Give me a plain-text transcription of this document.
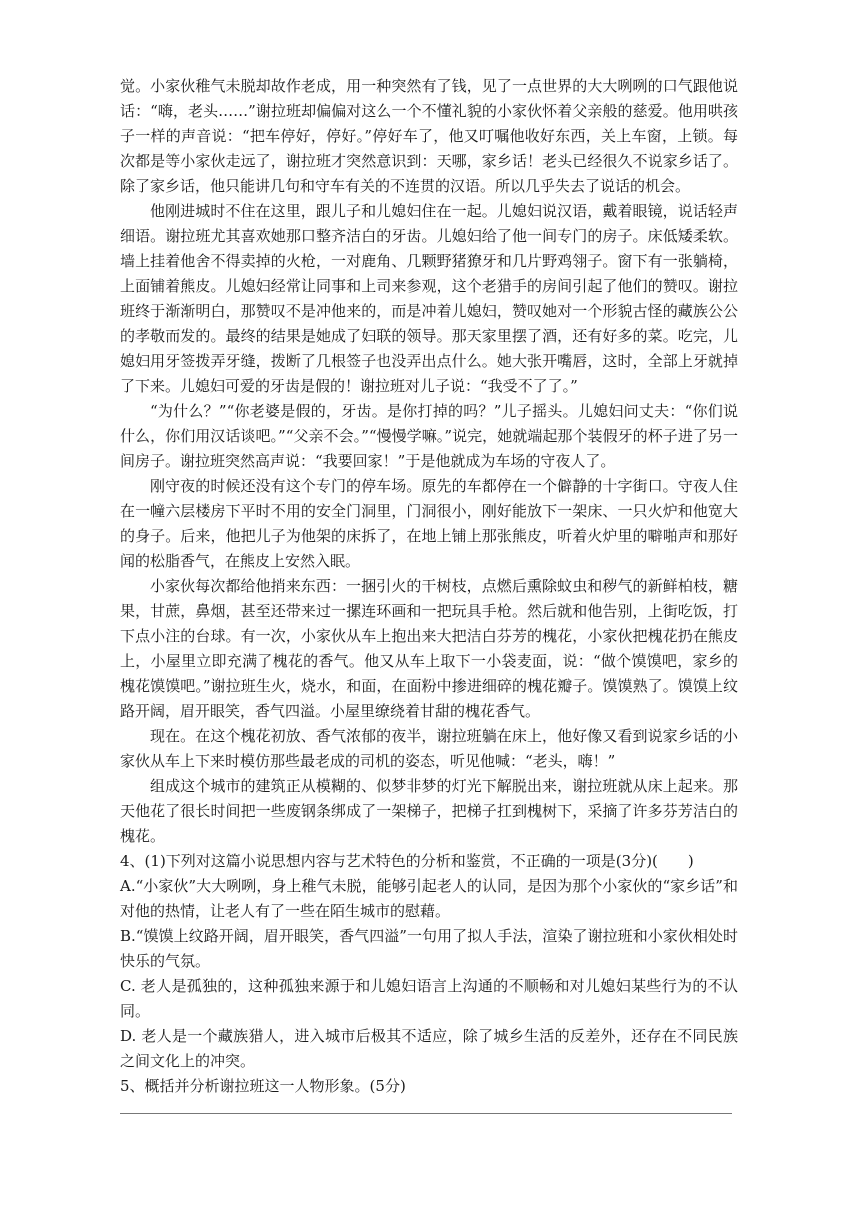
觉。小家伙稚气未脱却故作老成，用一种突然有了钱，见了一点世界的大大咧咧的口气跟他说话：“嗨，老头……”谢拉班却偏偏对这么一个不懂礼貌的小家伙怀着父亲般的慈爱。他用哄孩子一样的声音说：“把车停好，停好。”停好车了，他又叮嘱他收好东西，关上车窗，上锁。每次都是等小家伙走远了，谢拉班才突然意识到：天哪，家乡话！老头已经很久不说家乡话了。除了家乡话，他只能讲几句和守车有关的不连贯的汉语。所以几乎失去了说话的机会。

他刚进城时不住在这里，跟儿子和儿媳妇住在一起。儿媳妇说汉语，戴着眼镜，说话轻声细语。谢拉班尤其喜欢她那口整齐洁白的牙齿。儿媳妇给了他一间专门的房子。床低矮柔软。墙上挂着他舍不得卖掉的火枪，一对鹿角、几颗野猪獠牙和几片野鸡翎子。窗下有一张躺椅，上面铺着熊皮。儿媳妇经常让同事和上司来参观，这个老猎手的房间引起了他们的赞叹。谢拉班终于渐渐明白，那赞叹不是冲他来的，而是冲着儿媳妇，赞叹她对一个形貌古怪的藏族公公的孝敬而发的。最终的结果是她成了妇联的领导。那天家里摆了酒，还有好多的菜。吃完，儿媳妇用牙签拨弄牙缝，拨断了几根签子也没弄出点什么。她大张开嘴唇，这时，全部上牙就掉了下来。儿媳妇可爱的牙齿是假的！谢拉班对儿子说：“我受不了了。”

“为什么？”“你老婆是假的，牙齿。是你打掉的吗？”儿子摇头。儿媳妇问丈夫：“你们说什么，你们用汉话谈吧。”“父亲不会。”“慢慢学嘛。”说完，她就端起那个装假牙的杯子进了另一间房子。谢拉班突然高声说：“我要回家！”于是他就成为车场的守夜人了。

刚守夜的时候还没有这个专门的停车场。原先的车都停在一个僻静的十字街口。守夜人住在一幢六层楼房下平时不用的安全门洞里，门洞很小，刚好能放下一架床、一只火炉和他宽大的身子。后来，他把儿子为他架的床拆了，在地上铺上那张熊皮，听着火炉里的噼啪声和那好闻的松脂香气，在熊皮上安然入眠。

小家伙每次都给他捎来东西：一捆引火的干树枝，点燃后熏除蚊虫和秽气的新鲜柏枝，糖果，甘蔗，鼻烟，甚至还带来过一摞连环画和一把玩具手枪。然后就和他告别，上街吃饭，打下点小注的台球。有一次，小家伙从车上抱出来大把洁白芬芳的槐花，小家伙把槐花扔在熊皮上，小屋里立即充满了槐花的香气。他又从车上取下一小袋麦面，说：“做个馍馍吧，家乡的槐花馍馍吧。”谢拉班生火，烧水，和面，在面粉中掺进细碎的槐花瓣子。馍馍熟了。馍馍上纹路开阔，眉开眼笑，香气四溢。小屋里缭绕着甘甜的槐花香气。

现在。在这个槐花初放、香气浓郁的夜半，谢拉班躺在床上，他好像又看到说家乡话的小家伙从车上下来时模仿那些最老成的司机的姿态，听见他喊：“老头，嗨！”

组成这个城市的建筑正从模糊的、似梦非梦的灯光下解脱出来，谢拉班就从床上起来。那天他花了很长时间把一些废钢条绑成了一架梯子，把梯子扛到槐树下，采摘了许多芬芳洁白的槐花。

4、(1)下列对这篇小说思想内容与艺术特色的分析和鉴赏，不正确的一项是(3分)(　　)

A.“小家伙”大大咧咧，身上稚气未脱，能够引起老人的认同，是因为那个小家伙的“家乡话”和对他的热情，让老人有了一些在陌生城市的慰藉。

B.“馍馍上纹路开阔，眉开眼笑，香气四溢”一句用了拟人手法，渲染了谢拉班和小家伙相处时快乐的气氛。

C. 老人是孤独的，这种孤独来源于和儿媳妇语言上沟通的不顺畅和对儿媳妇某些行为的不认同。

D. 老人是一个藏族猎人，进入城市后极其不适应，除了城乡生活的反差外，还存在不同民族之间文化上的冲突。

5、概括并分析谢拉班这一人物形象。(5分)
